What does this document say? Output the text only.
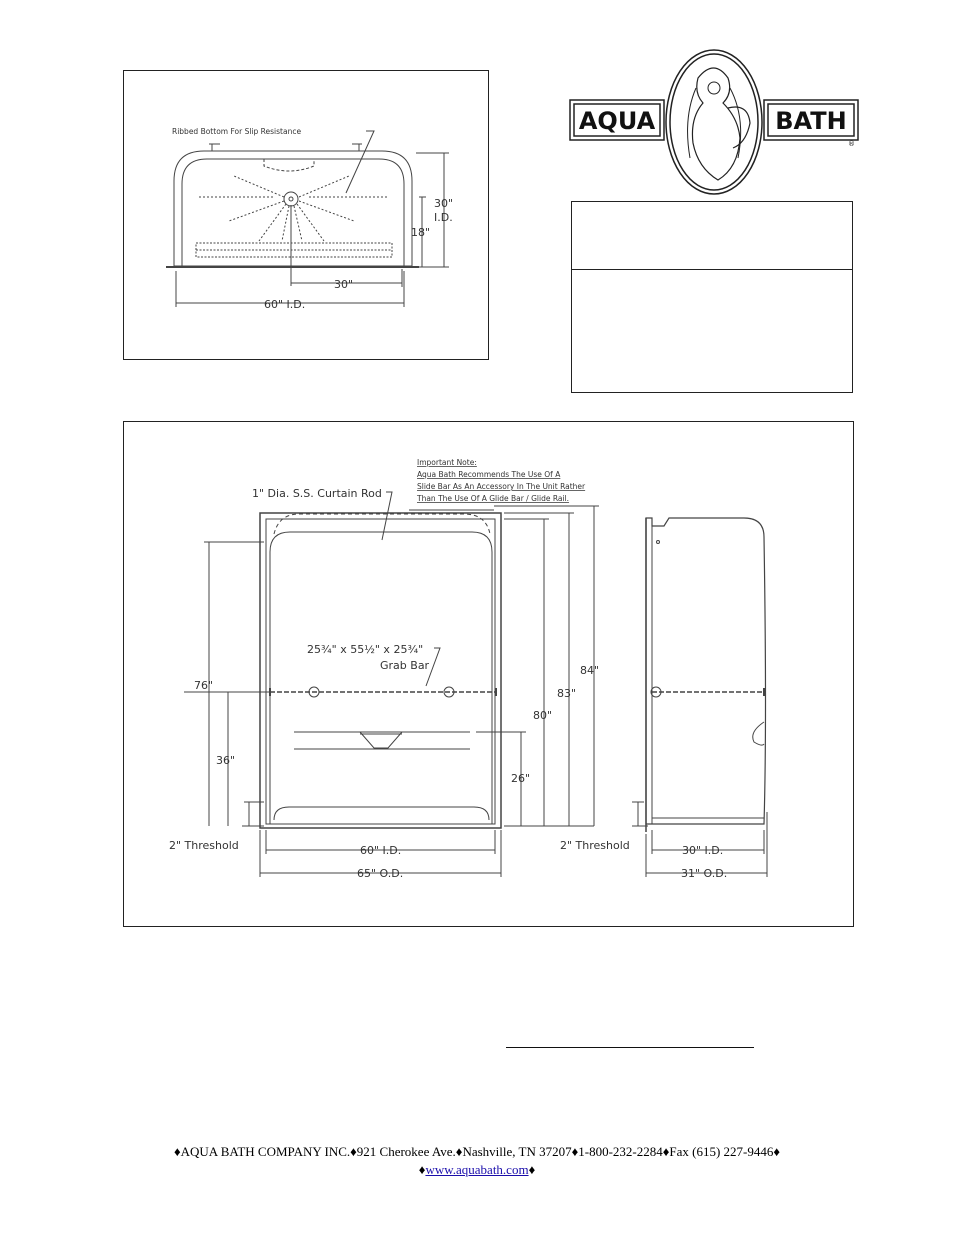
Ribbed Bottom For Slip Resistance
30"
I.D.
18"
30"
60" I.D.
AQUA	BATH
®
Important Note:
Aqua Bath Recommends The Use Of A
Slide Bar As An Accessory In The Unit Rather
Than The Use Of A Glide Bar / Glide Rail.
1" Dia. S.S. Curtain Rod
25¾" x 55½" x 25¾"
Grab Bar
76"
36"
2" Threshold	60" I.D.
65" O.D.
26"
80"
83"
84"
2" Threshold	30" I.D.
31" O.D.
♦AQUA BATH COMPANY INC.♦921 Cherokee Ave.♦Nashville, TN 37207♦1-800-232-2284♦Fax (615) 227-9446♦
♦www.aquabath.com♦
